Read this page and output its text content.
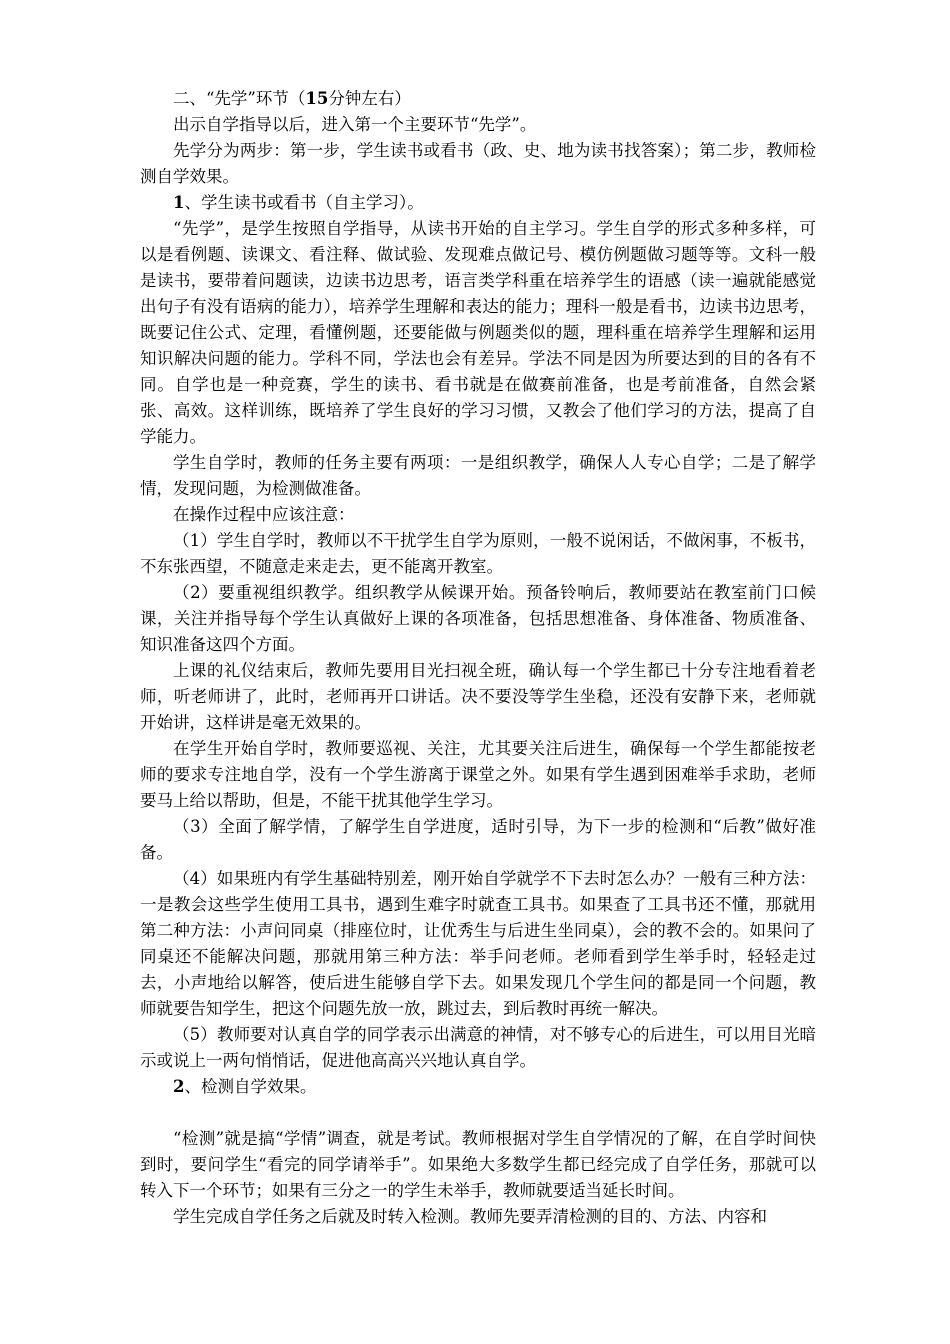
二、“先学”环节（15分钟左右）

出示自学指导以后，进入第一个主要环节“先学”。

先学分为两步：第一步，学生读书或看书（政、史、地为读书找答案）；第二步，教师检测自学效果。

1、学生读书或看书（自主学习）。

“先学”，是学生按照自学指导，从读书开始的自主学习。学生自学的形式多种多样，可以是看例题、读课文、看注释、做试验、发现难点做记号、模仿例题做习题等等。文科一般是读书，要带着问题读，边读书边思考，语言类学科重在培养学生的语感（读一遍就能感觉出句子有没有语病的能力），培养学生理解和表达的能力；理科一般是看书，边读书边思考，既要记住公式、定理，看懂例题，还要能做与例题类似的题，理科重在培养学生理解和运用知识解决问题的能力。学科不同，学法也会有差异。学法不同是因为所要达到的目的各有不同。自学也是一种竞赛，学生的读书、看书就是在做赛前准备，也是考前准备，自然会紧张、高效。这样训练，既培养了学生良好的学习习惯，又教会了他们学习的方法，提高了自学能力。

学生自学时，教师的任务主要有两项：一是组织教学，确保人人专心自学；二是了解学情，发现问题，为检测做准备。

在操作过程中应该注意：

（1）学生自学时，教师以不干扰学生自学为原则，一般不说闲话，不做闲事，不板书，不东张西望，不随意走来走去，更不能离开教室。

（2）要重视组织教学。组织教学从候课开始。预备铃响后，教师要站在教室前门口候课，关注并指导每个学生认真做好上课的各项准备，包括思想准备、身体准备、物质准备、知识准备这四个方面。

上课的礼仪结束后，教师先要用目光扫视全班，确认每一个学生都已十分专注地看着老师，听老师讲了，此时，老师再开口讲话。决不要没等学生坐稳，还没有安静下来，老师就开始讲，这样讲是毫无效果的。

在学生开始自学时，教师要巡视、关注，尤其要关注后进生，确保每一个学生都能按老师的要求专注地自学，没有一个学生游离于课堂之外。如果有学生遇到困难举手求助，老师要马上给以帮助，但是，不能干扰其他学生学习。

（3）全面了解学情，了解学生自学进度，适时引导，为下一步的检测和“后教”做好准备。

（4）如果班内有学生基础特别差，刚开始自学就学不下去时怎么办？一般有三种方法：一是教会这些学生使用工具书，遇到生难字时就查工具书。如果查了工具书还不懂，那就用第二种方法：小声问同桌（排座位时，让优秀生与后进生坐同桌），会的教不会的。如果问了同桌还不能解决问题，那就用第三种方法：举手问老师。老师看到学生举手时，轻轻走过去，小声地给以解答，使后进生能够自学下去。如果发现几个学生问的都是同一个问题，教师就要告知学生，把这个问题先放一放，跳过去，到后教时再统一解决。

（5）教师要对认真自学的同学表示出满意的神情，对不够专心的后进生，可以用目光暗示或说上一两句悄悄话，促进他高高兴兴地认真自学。

2、检测自学效果。

“检测”就是搞“学情”调查，就是考试。教师根据对学生自学情况的了解，在自学时间快到时，要问学生“看完的同学请举手”。如果绝大多数学生都已经完成了自学任务，那就可以转入下一个环节；如果有三分之一的学生未举手，教师就要适当延长时间。

学生完成自学任务之后就及时转入检测。教师先要弄清检测的目的、方法、内容和
